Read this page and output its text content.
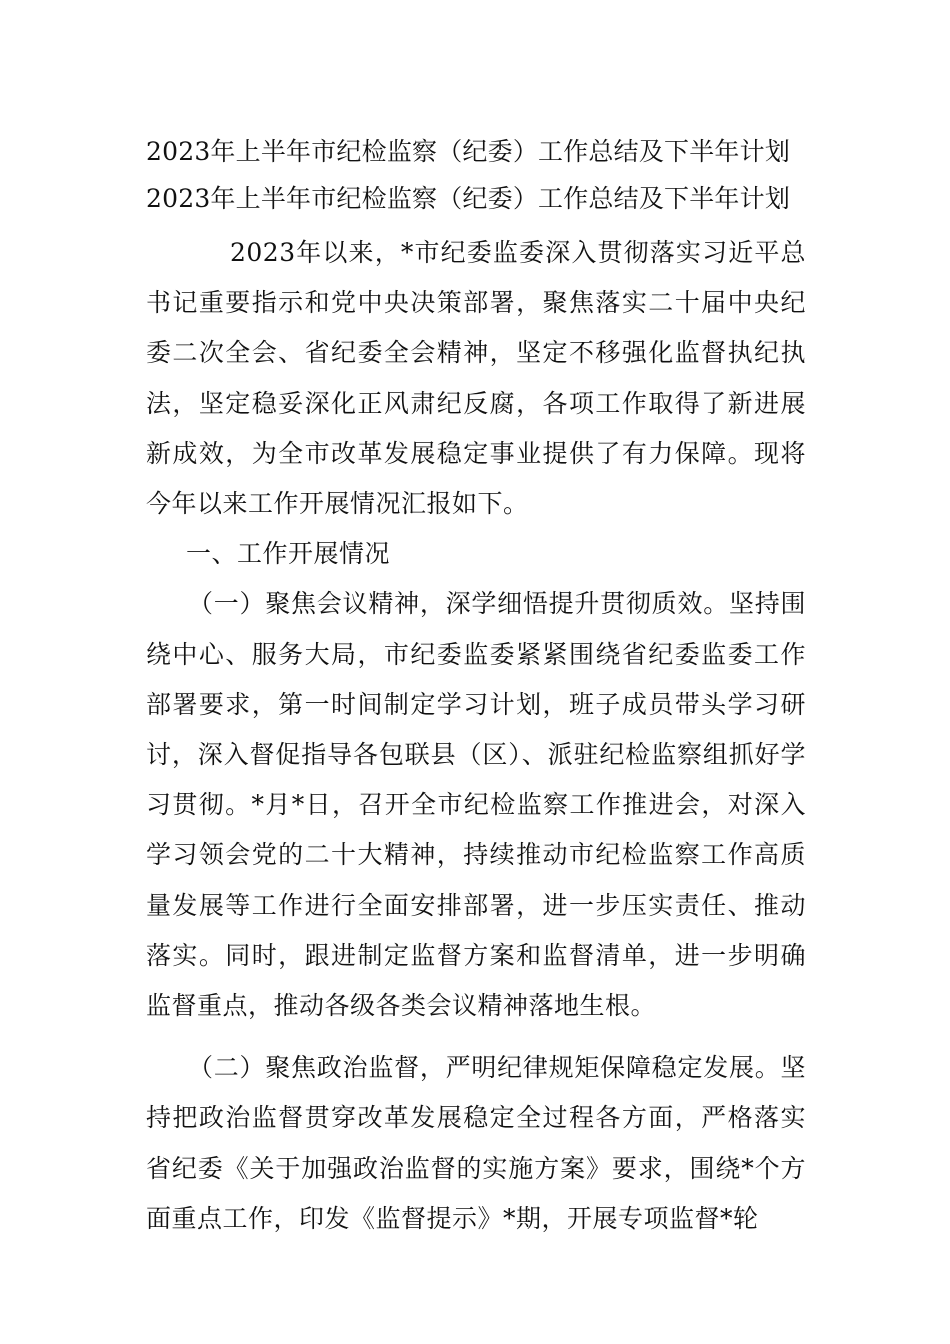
2023年上半年市纪检监察（纪委）工作总结及下半年计划
2023年上半年市纪检监察（纪委）工作总结及下半年计划

2023年以来，*市纪委监委深入贯彻落实习近平总书记重要指示和党中央决策部署，聚焦落实二十届中央纪委二次全会、省纪委全会精神，坚定不移强化监督执纪执法，坚定稳妥深化正风肃纪反腐，各项工作取得了新进展新成效，为全市改革发展稳定事业提供了有力保障。现将今年以来工作开展情况汇报如下。

一、工作开展情况

（一）聚焦会议精神，深学细悟提升贯彻质效。坚持围绕中心、服务大局，市纪委监委紧紧围绕省纪委监委工作部署要求，第一时间制定学习计划，班子成员带头学习研讨，深入督促指导各包联县（区）、派驻纪检监察组抓好学习贯彻。*月*日，召开全市纪检监察工作推进会，对深入学习领会党的二十大精神，持续推动市纪检监察工作高质量发展等工作进行全面安排部署，进一步压实责任、推动落实。同时，跟进制定监督方案和监督清单，进一步明确监督重点，推动各级各类会议精神落地生根。

（二）聚焦政治监督，严明纪律规矩保障稳定发展。坚持把政治监督贯穿改革发展稳定全过程各方面，严格落实省纪委《关于加强政治监督的实施方案》要求，围绕*个方面重点工作，印发《监督提示》*期，开展专项监督*轮
